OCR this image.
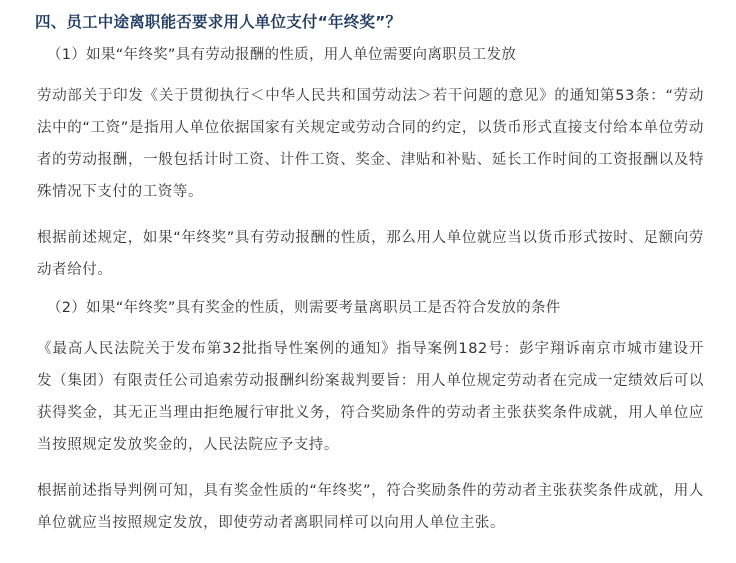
四、员工中途离职能否要求用人单位支付“年终奖”？
（1）如果“年终奖”具有劳动报酬的性质，用人单位需要向离职员工发放

劳动部关于印发《关于贯彻执行＜中华人民共和国劳动法＞若干问题的意见》的通知第53条：“劳动法中的“工资”是指用人单位依据国家有关规定或劳动合同的约定，以货币形式直接支付给本单位劳动者的劳动报酬，一般包括计时工资、计件工资、奖金、津贴和补贴、延长工作时间的工资报酬以及特殊情况下支付的工资等。

根据前述规定，如果“年终奖”具有劳动报酬的性质，那么用人单位就应当以货币形式按时、足额向劳动者给付。

（2）如果“年终奖”具有奖金的性质，则需要考量离职员工是否符合发放的条件

《最高人民法院关于发布第32批指导性案例的通知》指导案例182号：彭宇翔诉南京市城市建设开发（集团）有限责任公司追索劳动报酬纠纷案裁判要旨：用人单位规定劳动者在完成一定绩效后可以获得奖金，其无正当理由拒绝履行审批义务，符合奖励条件的劳动者主张获奖条件成就，用人单位应当按照规定发放奖金的，人民法院应予支持。

根据前述指导判例可知，具有奖金性质的“年终奖”，符合奖励条件的劳动者主张获奖条件成就，用人单位就应当按照规定发放，即使劳动者离职同样可以向用人单位主张。
